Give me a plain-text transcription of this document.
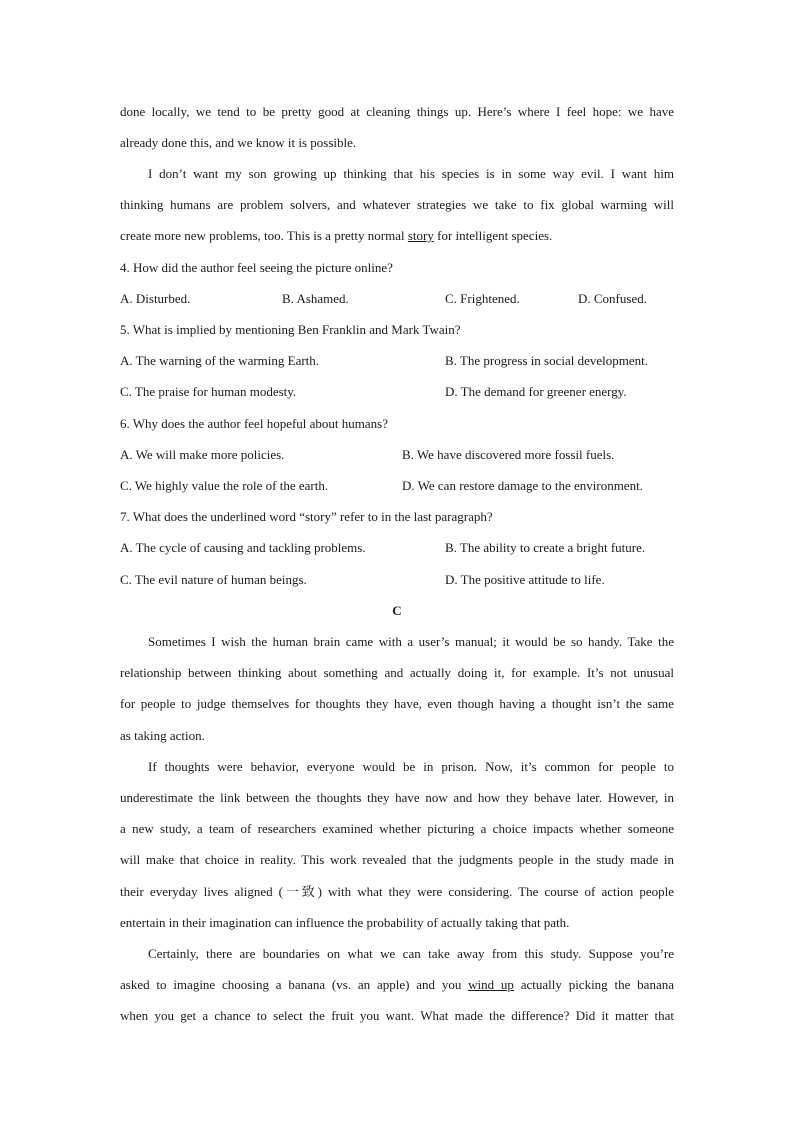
done locally, we tend to be pretty good at cleaning things up. Here’s where I feel hope: we have
already done this, and we know it is possible.
I don’t want my son growing up thinking that his species is in some way evil. I want him
thinking humans are problem solvers, and whatever strategies we take to fix global warming will
create more new problems, too. This is a pretty normal story for intelligent species.
4. How did the author feel seeing the picture online?
A. Disturbed.	B. Ashamed.	C. Frightened.	D. Confused.
5. What is implied by mentioning Ben Franklin and Mark Twain?
A. The warning of the warming Earth.	B. The progress in social development.
C. The praise for human modesty.	D. The demand for greener energy.
6. Why does the author feel hopeful about humans?
A. We will make more policies.	B. We have discovered more fossil fuels.
C. We highly value the role of the earth.	D. We can restore damage to the environment.
7. What does the underlined word “story” refer to in the last paragraph?
A. The cycle of causing and tackling problems.	B. The ability to create a bright future.
C. The evil nature of human beings.	D. The positive attitude to life.
C
Sometimes I wish the human brain came with a user’s manual; it would be so handy. Take the
relationship between thinking about something and actually doing it, for example. It’s not unusual
for people to judge themselves for thoughts they have, even though having a thought isn’t the same
as taking action.
If thoughts were behavior, everyone would be in prison. Now, it’s common for people to
underestimate the link between the thoughts they have now and how they behave later. However, in
a new study, a team of researchers examined whether picturing a choice impacts whether someone
will make that choice in reality. This work revealed that the judgments people in the study made in
their everyday lives aligned (一致) with what they were considering. The course of action people
entertain in their imagination can influence the probability of actually taking that path.
Certainly, there are boundaries on what we can take away from this study. Suppose you’re
asked to imagine choosing a banana (vs. an apple) and you wind up actually picking the banana
when you get a chance to select the fruit you want. What made the difference? Did it matter that
